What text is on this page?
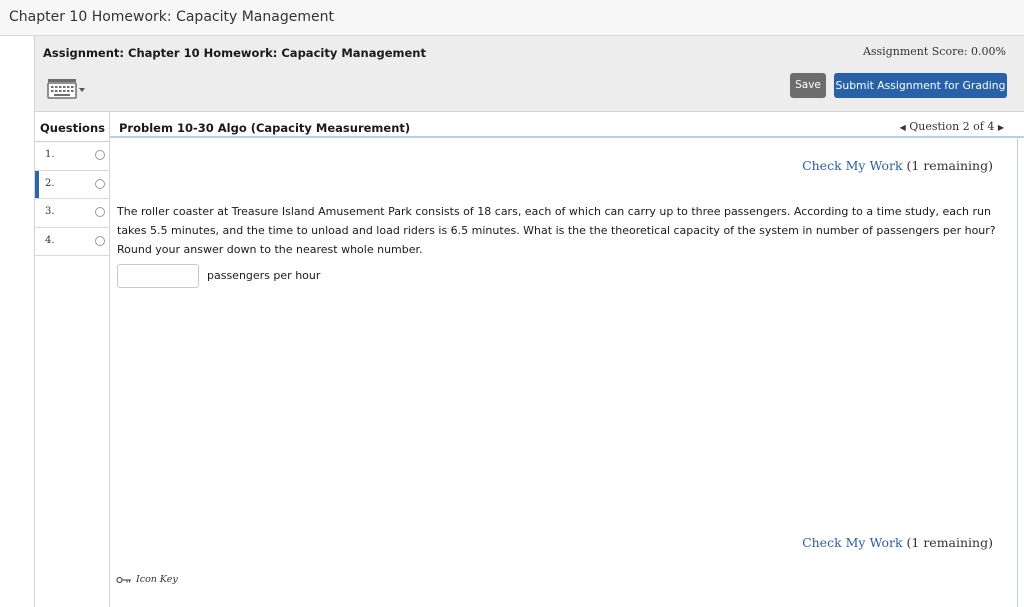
Chapter 10 Homework: Capacity Management
Assignment: Chapter 10 Homework: Capacity Management	Assignment Score: 0.00%
Save	Submit Assignment for Grading
Questions
1.
2.
3.
4.
Problem 10-30 Algo (Capacity Measurement)	◀ Question 2 of 4 ▶
Check My Work (1 remaining)
The roller coaster at Treasure Island Amusement Park consists of 18 cars, each of which can carry up to three passengers. According to a time study, each run takes 5.5 minutes, and the time to unload and load riders is 6.5 minutes. What is the the theoretical capacity of the system in number of passengers per hour? Round your answer down to the nearest whole number.
passengers per hour
Check My Work (1 remaining)
Icon Key
